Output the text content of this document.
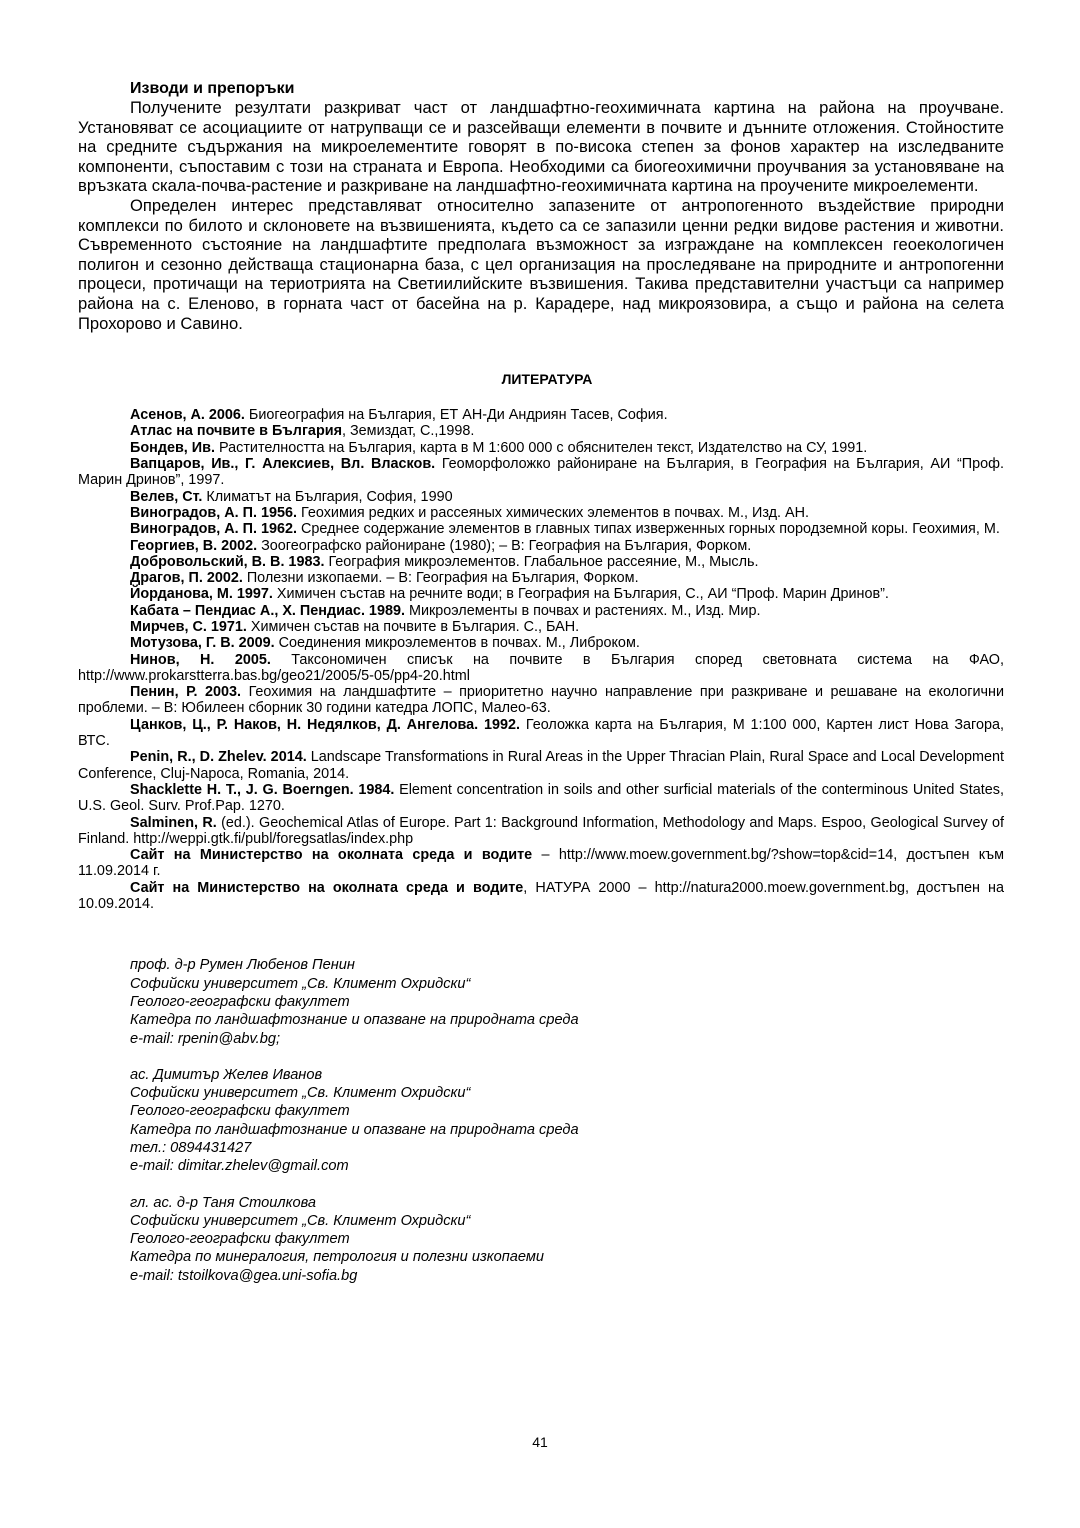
Изводи и препоръки

Получените резултати разкриват част от ландшафтно-геохимичната картина на района на проучване. Установяват се асоциациите от натрупващи се и разсейващи елементи в почвите и дънните отложения. Стойностите на средните съдържания на микроелементите говорят в по-висока степен за фонов характер на изследваните компоненти, съпоставим с този на страната и Европа. Необходими са биогеохимични проучвания за установяване на връзката скала-почва-растение и разкриване на ландшафтно-геохимичната картина на проучените микроелементи.

Определен интерес представляват относително запазените от антропогенното въздействие природни комплекси по билото и склоновете на възвишенията, където са се запазили ценни редки видове растения и животни. Съвременното състояние на ландшафтите предполага възможност за изграждане на комплексен геоекологичен полигон и сезонно действаща стационарна база, с цел организация на проследяване на природните и антропогенни процеси, протичащи на териотрията на Светиилийските възвишения. Такива представителни участъци са например района на с. Еленово, в горната част от басейна на р. Карадере, над микроязовира, а също и района на селета Прохорово и Савино.

ЛИТЕРАТУРА

Асенов, А. 2006. Биогеография на България, ЕТ АН-Ди Андриян Тасев, София.

Атлас на почвите в България, Земиздат, С.,1998.

Бондев, Ив. Растителността на България, карта в М 1:600 000 с обяснителен текст, Издателство на СУ, 1991.

Вапцаров, Ив., Г. Алексиев, Вл. Власков. Геоморфоложко райониране на България, в География на България, АИ “Проф. Марин Дринов”, 1997.

Велев, Ст. Климатът на България, София, 1990

Виноградов, А. П. 1956. Геохимия редких и рассеяных химических элементов в почвах. М., Изд. АН.

Виноградов, А. П. 1962. Среднее содержание элементов в главных типах изверженных горных породземной коры. Геохимия, М.

Георгиев, В. 2002. Зоогеографско райониране (1980); – В: География на България, Форком.

Добровольский, В. В. 1983. География микроэлементов. Глабальное рассеяние, М., Мысль.

Драгов, П. 2002. Полезни изкопаеми. – В: География на България, Форком.

Йорданова, М. 1997. Химичен състав на речните води; в География на България, С., АИ “Проф. Марин Дринов”.

Кабата – Пендиас А., Х. Пендиас. 1989. Микроэлементы в почвах и растениях. М., Изд. Мир.

Мирчев, С. 1971. Химичен състав на почвите в България. С., БАН.

Мотузова, Г. В. 2009. Соединения микроэлементов в почвах. М., Либроком.

Нинов, Н. 2005. Таксономичен списък на почвите в България според световната система на ФАО, http://www.prokarstterra.bas.bg/geo21/2005/5-05/pp4-20.html

Пенин, Р. 2003. Геохимия на ландшафтите – приоритетно научно направление при разкриване и решаване на екологични проблеми. – В: Юбилеен сборник 30 години катедра ЛОПС, Малео-63.

Цанков, Ц., Р. Наков, Н. Недялков, Д. Ангелова. 1992. Геоложка карта на България, М 1:100 000, Картен лист Нова Загора, ВТС.

Penin, R., D. Zhelev. 2014. Landscape Transformations in Rural Areas in the Upper Thracian Plain, Rural Space and Local Development Conference, Cluj-Napoca, Romania, 2014.

Shacklette H. T., J. G. Boerngen. 1984. Element concentration in soils and other surficial materials of the conterminous United States, U.S. Geol. Surv. Prof.Pap. 1270.

Salminen, R. (ed.). Geochemical Atlas of Europe. Part 1: Background Information, Methodology and Maps. Espoo, Geological Survey of Finland. http://weppi.gtk.fi/publ/foregsatlas/index.php

Сайт на Министерство на околната среда и водите – http://www.moew.government.bg/?show=top&cid=14, достъпен към 11.09.2014 г.

Сайт на Министерство на околната среда и водите, НАТУРА 2000 – http://natura2000.moew.government.bg, достъпен на 10.09.2014.

проф. д-р Румен Любенов Пенин
Софийски университет „Св. Климент Охридски“
Геолого-географски факултет
Катедра по ландшафтознание и опазване на природната среда
e-mail: rpenin@abv.bg;
ас. Димитър Желев Иванов
Софийски университет „Св. Климент Охридски“
Геолого-географски факултет
Катедра по ландшафтознание и опазване на природната среда
тел.: 0894431427
e-mail: dimitar.zhelev@gmail.com
гл. ас. д-р Таня Стоилкова
Софийски университет „Св. Климент Охридски“
Геолого-географски факултет
Катедра по минералогия, петрология и полезни изкопаеми
e-mail: tstoilkova@gea.uni-sofia.bg
41
